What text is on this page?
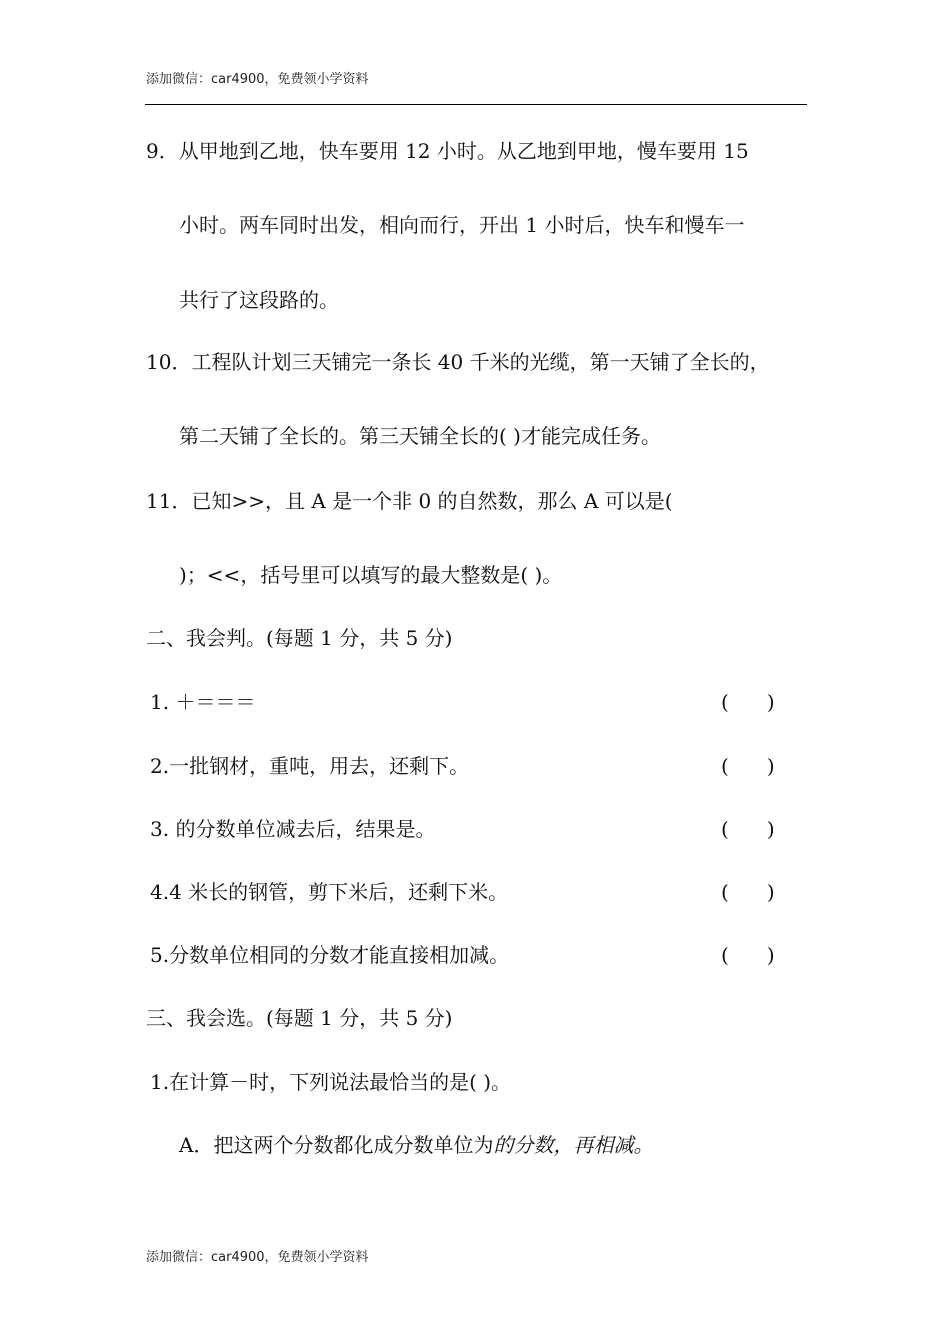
添加微信：car4900，免费领小学资料
9．从甲地到乙地，快车要用 12 小时。从乙地到甲地，慢车要用 15
小时。两车同时出发，相向而行，开出 1 小时后，快车和慢车一
共行了这段路的。
10．工程队计划三天铺完一条长 40 千米的光缆，第一天铺了全长的，
第二天铺了全长的。第三天铺全长的( )才能完成任务。
11．已知>>，且 A 是一个非 0 的自然数，那么 A 可以是(
)；<<，括号里可以填写的最大整数是( )。
二、我会判。(每题 1 分，共 5 分)
1. ＋＝＝＝	( )
2.一批钢材，重吨，用去，还剩下。	( )
3. 的分数单位减去后，结果是。	( )
4.4 米长的钢管，剪下米后，还剩下米。	( )
5.分数单位相同的分数才能直接相加减。	( )
三、我会选。(每题 1 分，共 5 分)
1.在计算－时，下列说法最恰当的是( )。
A．把这两个分数都化成分数单位为的分数，再相减。
添加微信：car4900，免费领小学资料
